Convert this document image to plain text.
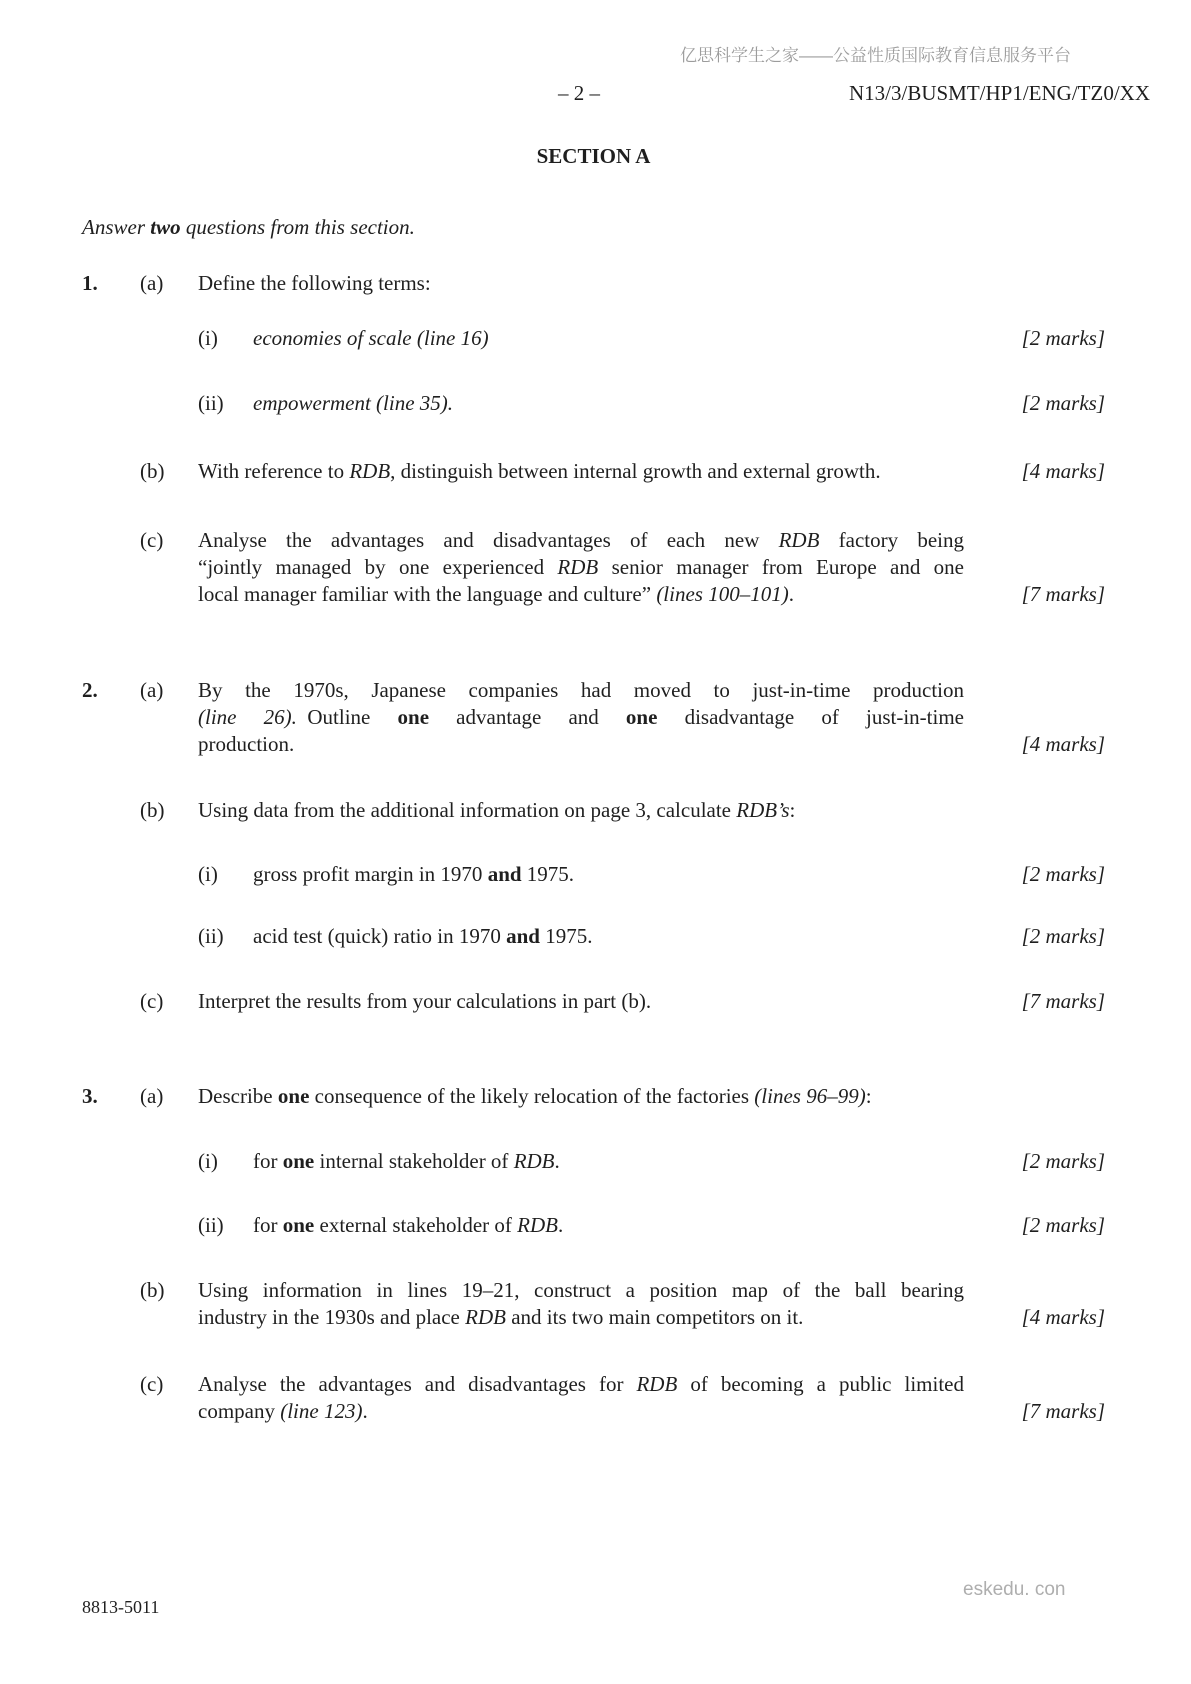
亿思科学生之家——公益性质国际教育信息服务平台
– 2 –	N13/3/BUSMT/HP1/ENG/TZ0/XX
SECTION A
Answer two questions from this section.
1. (a) Define the following terms:
(i) economies of scale (line 16)	[2 marks]
(ii) empowerment (line 35).	[2 marks]
(b) With reference to RDB, distinguish between internal growth and external growth.	[4 marks]
(c) Analyse the advantages and disadvantages of each new RDB factory being
“jointly managed by one experienced RDB senior manager from Europe and one
local manager familiar with the language and culture” (lines 100–101).	[7 marks]
2. (a) By the 1970s, Japanese companies had moved to just-in-time production
(line 26). Outline one advantage and one disadvantage of just-in-time
production.	[4 marks]
(b) Using data from the additional information on page 3, calculate RDB’s:
(i) gross profit margin in 1970 and 1975.	[2 marks]
(ii) acid test (quick) ratio in 1970 and 1975.	[2 marks]
(c) Interpret the results from your calculations in part (b).	[7 marks]
3. (a) Describe one consequence of the likely relocation of the factories (lines 96–99):
(i) for one internal stakeholder of RDB.	[2 marks]
(ii) for one external stakeholder of RDB.	[2 marks]
(b) Using information in lines 19–21, construct a position map of the ball bearing
industry in the 1930s and place RDB and its two main competitors on it.	[4 marks]
(c) Analyse the advantages and disadvantages for RDB of becoming a public limited
company (line 123).	[7 marks]
8813-5011
eskedu. con
